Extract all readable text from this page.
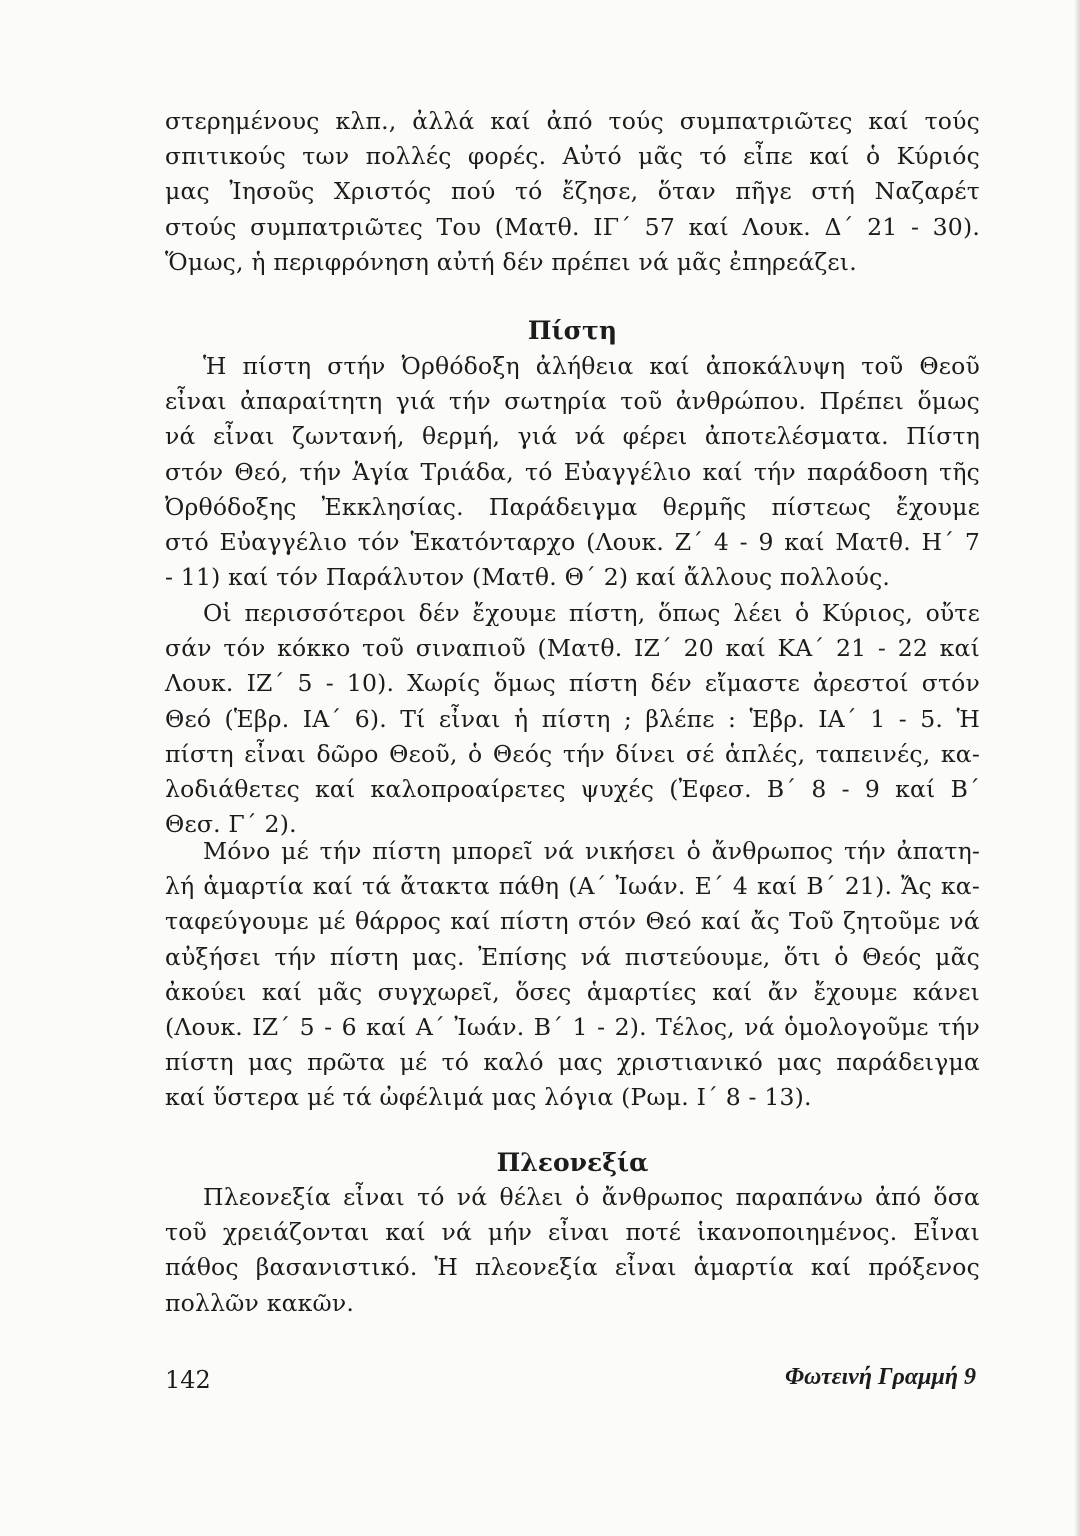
στερημένους κλπ., ἀλλά καί ἀπό τούς συμπατριῶτες καί τούς
σπιτικούς των πολλές φορές. Αὐτό μᾶς τό εἶπε καί ὁ Κύριός
μας Ἰησοῦς Χριστός πού τό ἔζησε, ὅταν πῆγε στή Ναζαρέτ
στούς συμπατριῶτες Του (Ματθ. ΙΓ΄ 57 καί Λουκ. Δ΄ 21 - 30).
Ὅμως, ἡ περιφρόνηση αὐτή δέν πρέπει νά μᾶς ἐπηρεάζει.
Πίστη
Ἡ πίστη στήν Ὀρθόδοξη ἀλήθεια καί ἀποκάλυψη τοῦ Θεοῦ
εἶναι ἀπαραίτητη γιά τήν σωτηρία τοῦ ἀνθρώπου. Πρέπει ὅμως
νά εἶναι ζωντανή, θερμή, γιά νά φέρει ἀποτελέσματα. Πίστη
στόν Θεό, τήν Ἁγία Τριάδα, τό Εὐαγγέλιο καί τήν παράδοση τῆς
Ὀρθόδοξης Ἐκκλησίας. Παράδειγμα θερμῆς πίστεως ἔχουμε
στό Εὐαγγέλιο τόν Ἑκατόνταρχο (Λουκ. Ζ΄ 4 - 9 καί Ματθ. Η΄ 7
- 11) καί τόν Παράλυτον (Ματθ. Θ΄ 2) καί ἄλλους πολλούς.
Οἱ περισσότεροι δέν ἔχουμε πίστη, ὅπως λέει ὁ Κύριος, οὔτε
σάν τόν κόκκο τοῦ σιναπιοῦ (Ματθ. ΙΖ΄ 20 καί ΚΑ΄ 21 - 22 καί
Λουκ. ΙΖ΄ 5 - 10). Χωρίς ὅμως πίστη δέν εἴμαστε ἀρεστοί στόν
Θεό (Ἑβρ. ΙΑ΄ 6). Τί εἶναι ἡ πίστη ; βλέπε : Ἑβρ. ΙΑ΄ 1 - 5. Ἡ
πίστη εἶναι δῶρο Θεοῦ, ὁ Θεός τήν δίνει σέ ἁπλές, ταπεινές, κα-
λοδιάθετες καί καλοπροαίρετες ψυχές (Ἐφεσ. Β΄ 8 - 9 καί Β΄
Θεσ. Γ΄ 2).
Μόνο μέ τήν πίστη μπορεῖ νά νικήσει ὁ ἄνθρωπος τήν ἀπατη-
λή ἁμαρτία καί τά ἄτακτα πάθη (Α΄ Ἰωάν. Ε΄ 4 καί Β΄ 21). Ἄς κα-
ταφεύγουμε μέ θάρρος καί πίστη στόν Θεό καί ἄς Τοῦ ζητοῦμε νά
αὐξήσει τήν πίστη μας. Ἐπίσης νά πιστεύουμε, ὅτι ὁ Θεός μᾶς
ἀκούει καί μᾶς συγχωρεῖ, ὅσες ἁμαρτίες καί ἄν ἔχουμε κάνει
(Λουκ. ΙΖ΄ 5 - 6 καί Α΄ Ἰωάν. Β΄ 1 - 2). Τέλος, νά ὁμολογοῦμε τήν
πίστη μας πρῶτα μέ τό καλό μας χριστιανικό μας παράδειγμα
καί ὕστερα μέ τά ὠφέλιμά μας λόγια (Ρωμ. Ι΄ 8 - 13).
Πλεονεξία
Πλεονεξία εἶναι τό νά θέλει ὁ ἄνθρωπος παραπάνω ἀπό ὅσα
τοῦ χρειάζονται καί νά μήν εἶναι ποτέ ἱκανοποιημένος. Εἶναι
πάθος βασανιστικό. Ἡ πλεονεξία εἶναι ἁμαρτία καί πρόξενος
πολλῶν κακῶν.
142	Φωτεινή Γραμμή 9
